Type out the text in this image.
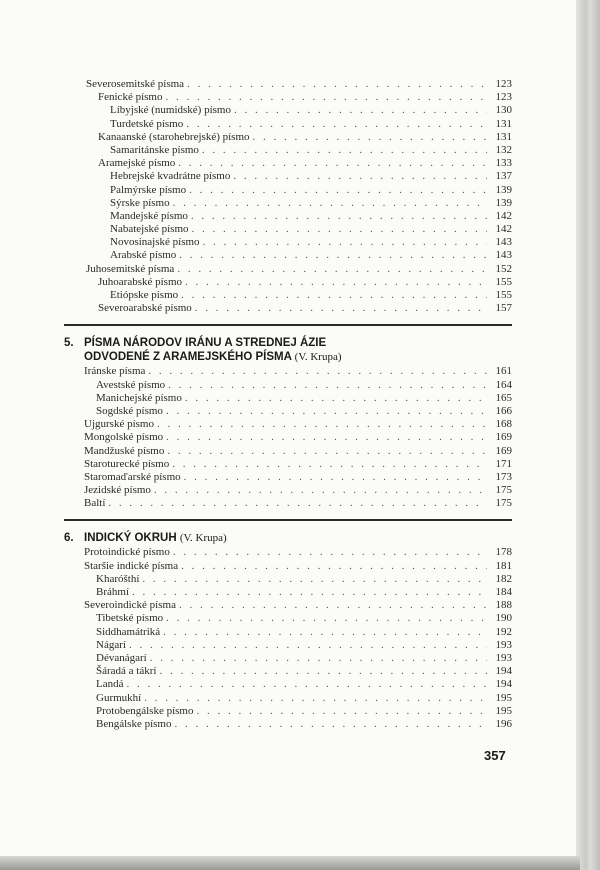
Severosemitské písma . . .	123
Fenické písmo . . .	123
Líbyjské (numidské) písmo . . .	130
Turdetské písmo . . .	131
Kanaanské (starohebrejské) písmo . . .	131
Samaritánske písmo . . .	132
Aramejské písmo . . .	133
Hebrejské kvadrátne písmo . . .	137
Palmýrske písmo . . .	139
Sýrske písmo . . .	139
Mandejské písmo . . .	142
Nabatejské písmo . . .	142
Novosinajské písmo . . .	143
Arabské písmo . . .	143
Juhosemitské písma . . .	152
Juhoarabské písmo . . .	155
Etiópske písmo . . .	155
Severoarabské písmo . . .	157
5. PÍSMA NÁRODOV IRÁNU A STREDNEJ ÁZIE
ODVODENÉ Z ARAMEJSKÉHO PÍSMA (V. Krupa)
Iránske písma . . .	161
Avestské písmo . . .	164
Manichejské písmo . . .	165
Sogdské písmo . . .	166
Ujgurské písmo . . .	168
Mongolské písmo . . .	169
Mandžuské písmo . . .	169
Staroturecké písmo . . .	171
Staromaďarské písmo . . .	173
Jezidské písmo . . .	175
Baltí . . .	175
6. INDICKÝ OKRUH (V. Krupa)
Protoindické písmo . . .	178
Staršie indické písma . . .	181
Kharóšthí . . .	182
Bráhmí . . .	184
Severoindické písma . . .	188
Tibetské písmo . . .	190
Siddhamátriká . . .	192
Nágarí . . .	193
Dévanágarí . . .	193
Šáradá a tákrí . . .	194
Landá . . .	194
Gurmukhí . . .	195
Protobengálske písmo . . .	195
Bengálske písmo . . .	196
357
